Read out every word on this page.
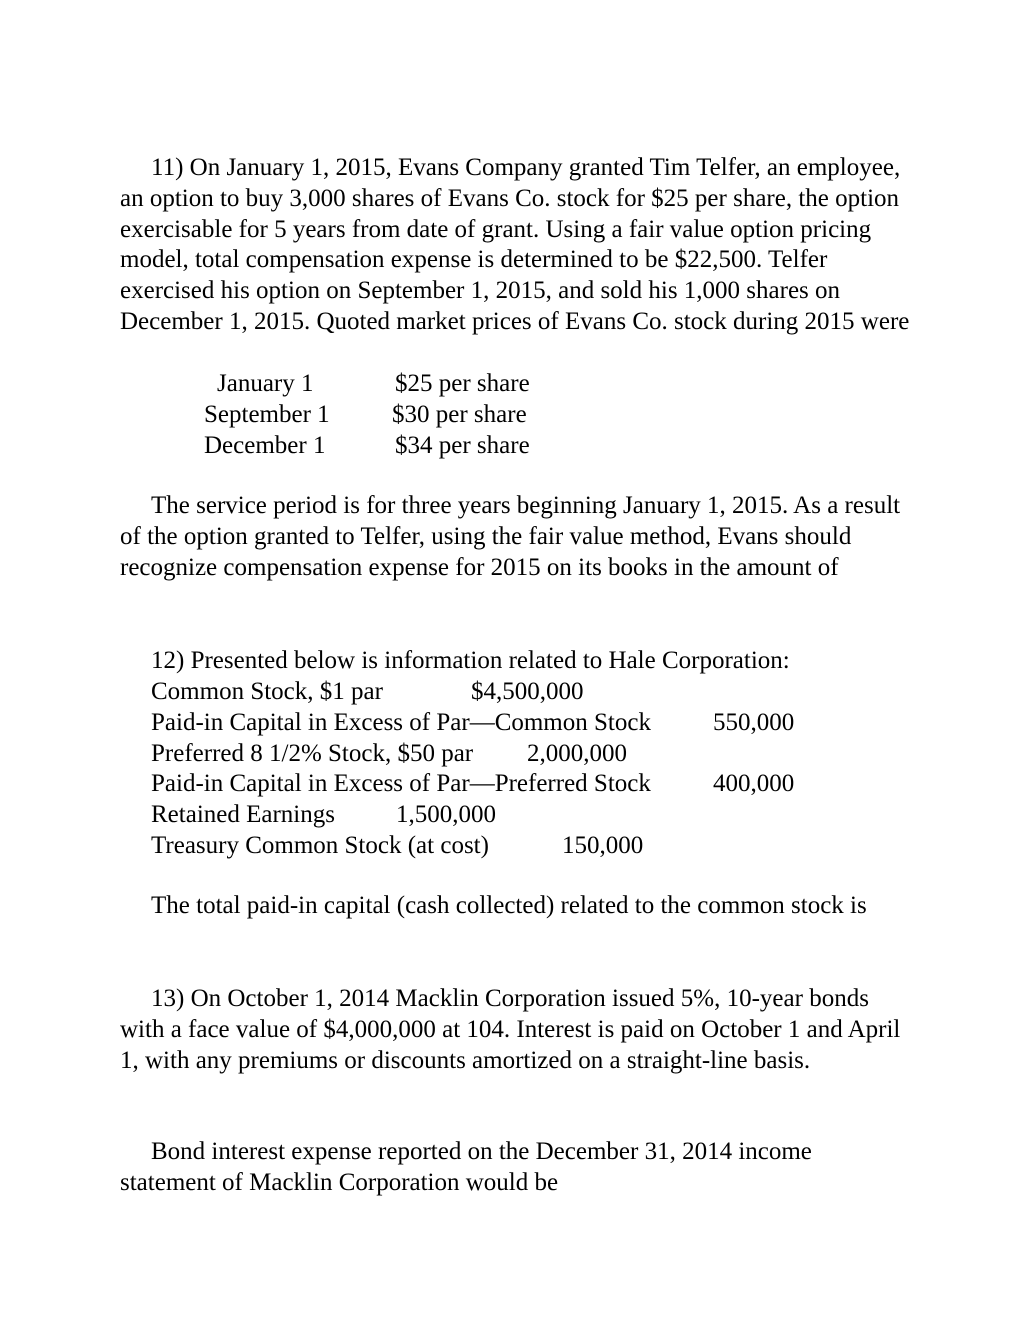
11) On January 1, 2015, Evans Company granted Tim Telfer, an employee, an option to buy 3,000 shares of Evans Co. stock for $25 per share, the option exercisable for 5 years from date of grant. Using a fair value option pricing model, total compensation expense is determined to be $22,500. Telfer exercised his option on September 1, 2015, and sold his 1,000 shares on December 1, 2015. Quoted market prices of Evans Co. stock during 2015 were

January 1	$25 per share
September 1 $30 per share
December 1	$34 per share

The service period is for three years beginning January 1, 2015. As a result of the option granted to Telfer, using the fair value method, Evans should recognize compensation expense for 2015 on its books in the amount of

12) Presented below is information related to Hale Corporation:
Common Stock, $1 par	$4,500,000
Paid-in Capital in Excess of Par―Common Stock 550,000
Preferred 8 1/2% Stock, $50 par 2,000,000
Paid-in Capital in Excess of Par―Preferred Stock 400,000
Retained Earnings 1,500,000
Treasury Common Stock (at cost)	150,000

The total paid-in capital (cash collected) related to the common stock is

13) On October 1, 2014 Macklin Corporation issued 5%, 10-year bonds with a face value of $4,000,000 at 104. Interest is paid on October 1 and April 1, with any premiums or discounts amortized on a straight-line basis.

Bond interest expense reported on the December 31, 2014 income statement of Macklin Corporation would be
